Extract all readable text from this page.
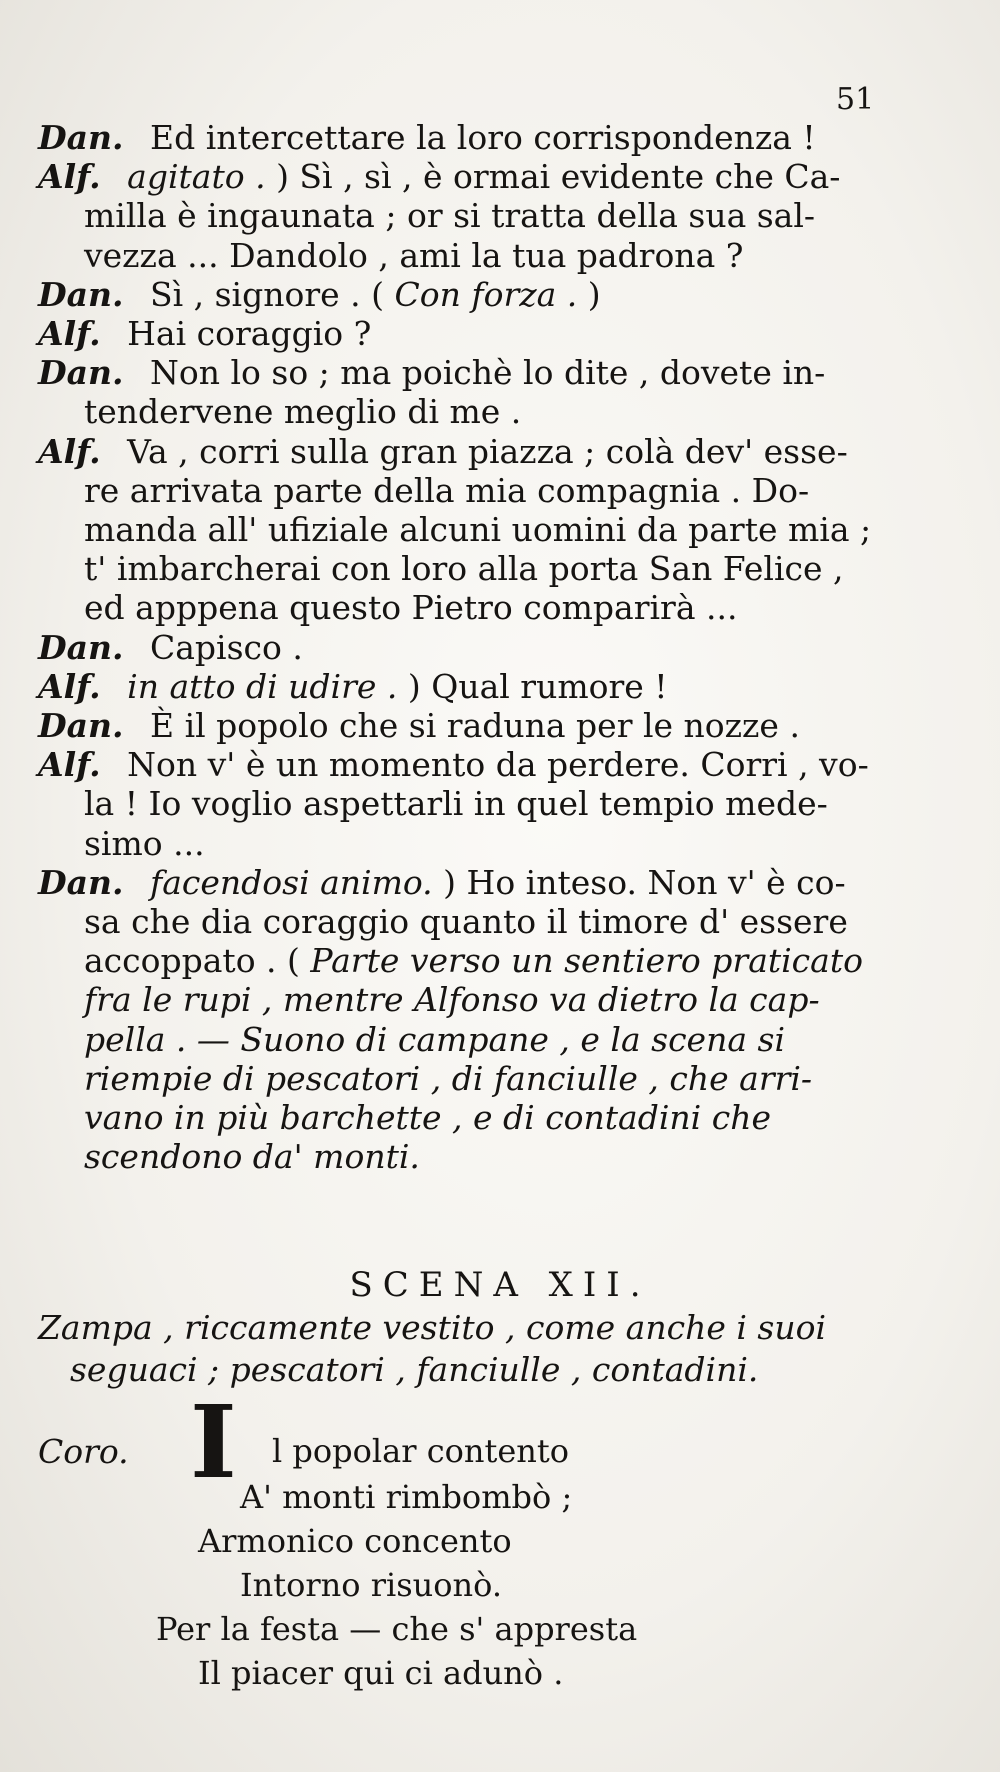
51
Dan. Ed intercettare la loro corrispondenza !
Alf. agitato . ) Sì , sì , è ormai evidente che Ca-
milla è ingaunata ; or si tratta della sua sal-
vezza ... Dandolo , ami la tua padrona ?
Dan. Sì , signore . ( Con forza . )
Alf. Hai coraggio ?
Dan. Non lo so ; ma poichè lo dite , dovete in-
tendervene meglio di me .
Alf. Va , corri sulla gran piazza ; colà dev' esse-
re arrivata parte della mia compagnia . Do-
manda all' ufiziale alcuni uomini da parte mia ;
t' imbarcherai con loro alla porta San Felice ,
ed apppena questo Pietro comparirà ...
Dan. Capisco .
Alf. in atto di udire . ) Qual rumore !
Dan. È il popolo che si raduna per le nozze .
Alf. Non v' è un momento da perdere. Corri , vo-
la ! Io voglio aspettarli in quel tempio mede-
simo ...
Dan. facendosi animo. ) Ho inteso. Non v' è co-
sa che dia coraggio quanto il timore d' essere
accoppato . ( Parte verso un sentiero praticato
fra le rupi , mentre Alfonso va dietro la cap-
pella . — Suono di campane , e la scena si
riempie di pescatori , di fanciulle , che arri-
vano in più barchette , e di contadini che
scendono da' monti.
SCENA XII.
Zampa , riccamente vestito , come anche i suoi
seguaci ; pescatori , fanciulle , contadini.
Coro. I l popolar contento
A' monti rimbombò ;
Armonico concento
Intorno risuonò.
Per la festa — che s' appresta
Il piacer qui ci adunò .
